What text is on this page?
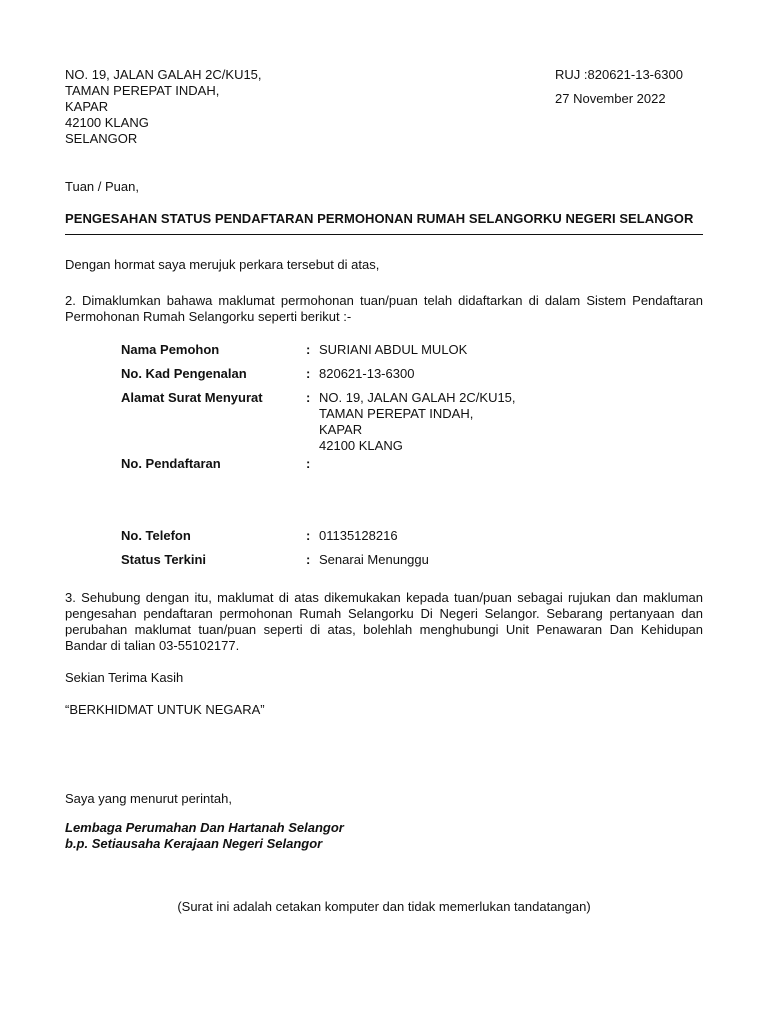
NO. 19, JALAN GALAH 2C/KU15,
TAMAN PEREPAT INDAH,
KAPAR
42100 KLANG
SELANGOR
RUJ :820621-13-6300
27 November 2022
Tuan / Puan,
PENGESAHAN STATUS PENDAFTARAN PERMOHONAN RUMAH SELANGORKU NEGERI SELANGOR
Dengan hormat saya merujuk perkara tersebut di atas,
2. Dimaklumkan bahawa maklumat permohonan tuan/puan telah didaftarkan di dalam Sistem Pendaftaran Permohonan Rumah Selangorku seperti berikut :-
Nama Pemohon	: SURIANI ABDUL MULOK
No. Kad Pengenalan	: 820621-13-6300
Alamat Surat Menyurat	: NO. 19, JALAN GALAH 2C/KU15,
TAMAN PEREPAT INDAH,
KAPAR
42100 KLANG
No. Pendaftaran	:
No. Telefon	: 01135128216
Status Terkini	: Senarai Menunggu
3. Sehubung dengan itu, maklumat di atas dikemukakan kepada tuan/puan sebagai rujukan dan makluman pengesahan pendaftaran permohonan Rumah Selangorku Di Negeri Selangor. Sebarang pertanyaan dan perubahan maklumat tuan/puan seperti di atas, bolehlah menghubungi Unit Penawaran Dan Kehidupan Bandar di talian 03-55102177.
Sekian Terima Kasih
“BERKHIDMAT UNTUK NEGARA”
Saya yang menurut perintah,
Lembaga Perumahan Dan Hartanah Selangor
b.p. Setiausaha Kerajaan Negeri Selangor
(Surat ini adalah cetakan komputer dan tidak memerlukan tandatangan)
